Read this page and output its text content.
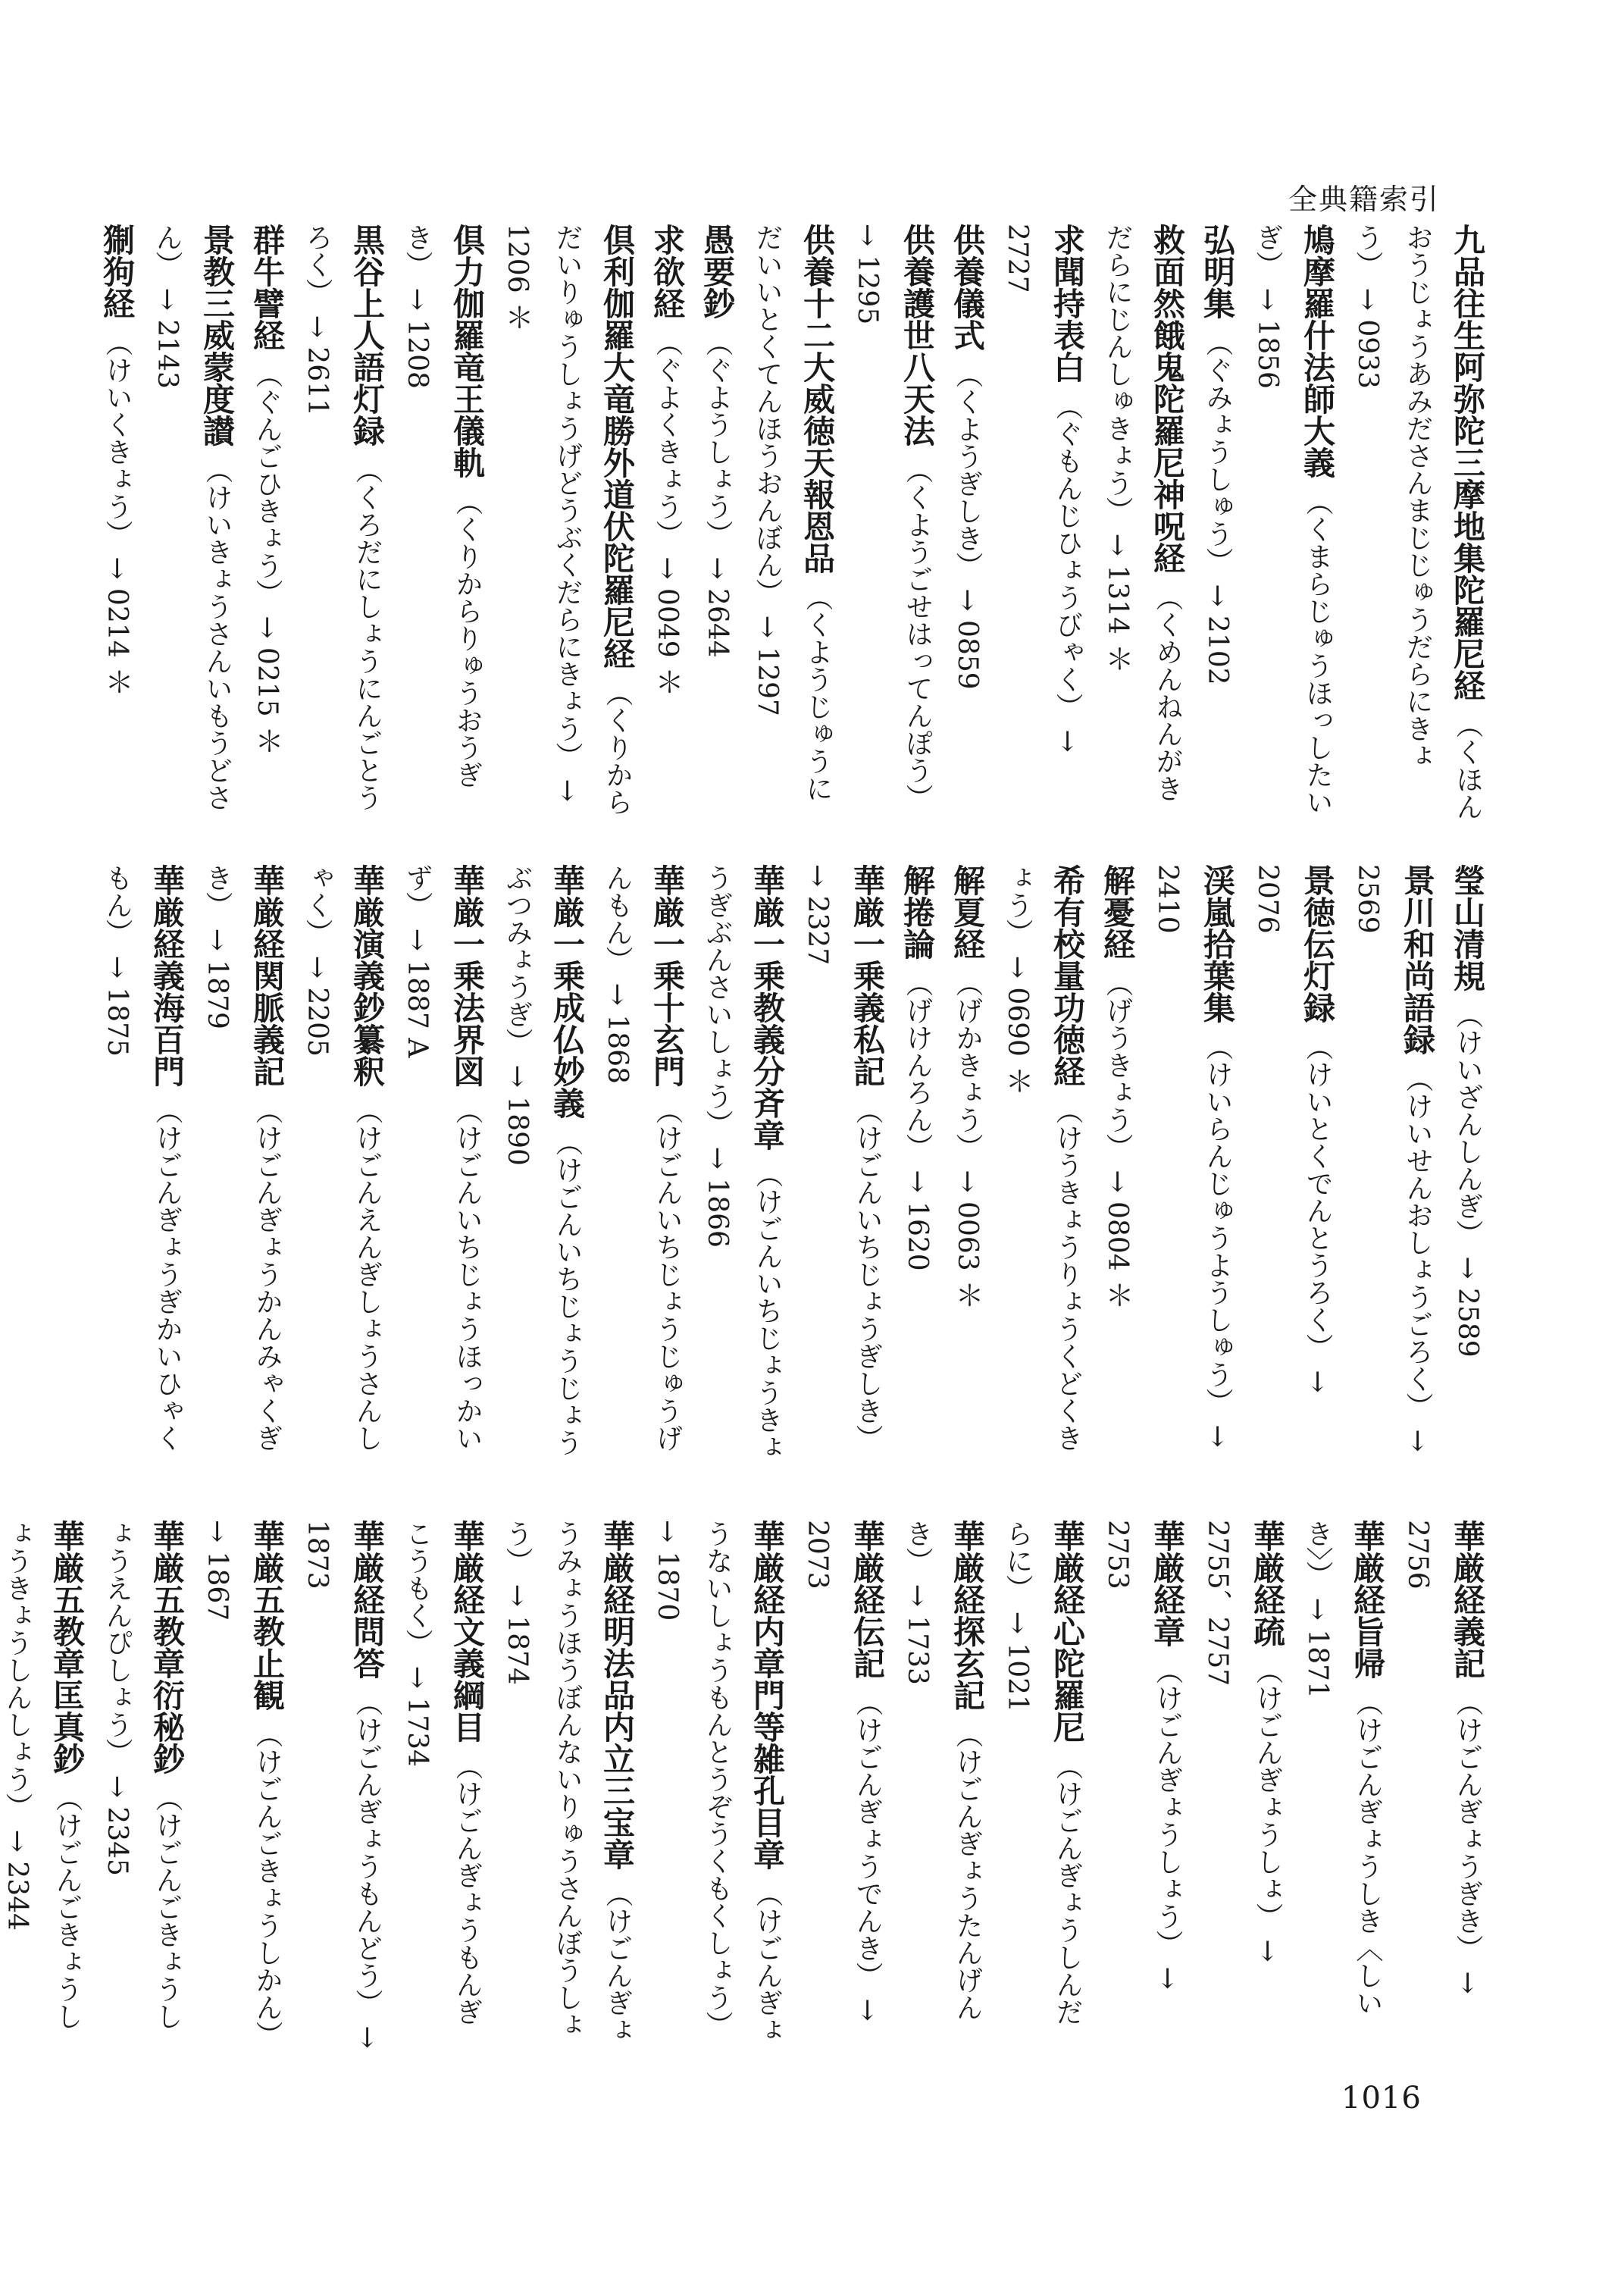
全典籍索引

九品往生阿弥陀三摩地集陀羅尼経 （くほんおうじょうあみださんまじじゅうだらにきょう） → 0933

鳩摩羅什法師大義 （くまらじゅうほっしたいぎ） → 1856

弘明集 （ぐみょうしゅう） → 2102

救面然餓鬼陀羅尼神呪経 （くめんねんがきだらにじんしゅきょう） → 1314 ＊

求聞持表白 （ぐもんじひょうびゃく） → 2727

供養儀式 （くようぎしき） → 0859

供養護世八天法 （くようごせはってんぽう） → 1295

供養十二大威徳天報恩品 （くようじゅうにだいいとくてんほうおんぼん） → 1297

愚要鈔 （ぐようしょう） → 2644

求欲経 （ぐよくきょう） → 0049 ＊

倶利伽羅大竜勝外道伏陀羅尼経 （くりからだいりゅうしょうげどうぶくだらにきょう） → 1206 ＊

倶力伽羅竜王儀軌 （くりからりゅうおうぎき） → 1208

黒谷上人語灯録 （くろだにしょうにんごとうろく） → 2611

群牛譬経 （ぐんごひきょう） → 0215 ＊

景教三威蒙度讃 （けいきょうさんいもうどさん） → 2143

猘狗経 （けいくきょう） → 0214 ＊

瑩山清規 （けいざんしんぎ） → 2589

景川和尚語録 （けいせんおしょうごろく） → 2569

景徳伝灯録 （けいとくでんとうろく） → 2076

渓嵐拾葉集 （けいらんじゅうようしゅう） → 2410

解憂経 （げうきょう） → 0804 ＊

希有校量功徳経 （けうきょうりょうくどくきょう） → 0690 ＊

解夏経 （げかきょう） → 0063 ＊

解捲論 （げけんろん） → 1620

華厳一乗義私記 （けごんいちじょうぎしき） → 2327

華厳一乗教義分斉章 （けごんいちじょうきょうぎぶんさいしょう） → 1866

華厳一乗十玄門 （けごんいちじょうじゅうげんもん） → 1868

華厳一乗成仏妙義 （けごんいちじょうじょうぶつみょうぎ） → 1890

華厳一乗法界図 （けごんいちじょうほっかいず） → 1887 A

華厳演義鈔纂釈 （けごんえんぎしょうさんしゃく） → 2205

華厳経関脈義記 （けごんぎょうかんみゃくぎき） → 1879

華厳経義海百門 （けごんぎょうぎかいひゃくもん） → 1875

華厳経義記 （けごんぎょうぎき） → 2756

華厳経旨帰 （けごんぎょうしき〈しいき〉） → 1871

華厳経疏 （けごんぎょうしょ） → 2755、2757

華厳経章 （けごんぎょうしょう） → 2753

華厳経心陀羅尼 （けごんぎょうしんだらに） → 1021

華厳経探玄記 （けごんぎょうたんげんき） → 1733

華厳経伝記 （けごんぎょうでんき） → 2073

華厳経内章門等雑孔目章 （けごんぎょうないしょうもんとうぞうくもくしょう） → 1870

華厳経明法品内立三宝章 （けごんぎょうみょうほうぼんないりゅうさんぼうしょう） → 1874

華厳経文義綱目 （けごんぎょうもんぎこうもく） → 1734

華厳経問答 （けごんぎょうもんどう） → 1873

華厳五教止観 （けごんごきょうしかん） → 1867

華厳五教章衍秘鈔 （けごんごきょうしょうえんぴしょう） → 2345

華厳五教章匡真鈔 （けごんごきょうしょうきょうしんしょう） → 2344

1016
